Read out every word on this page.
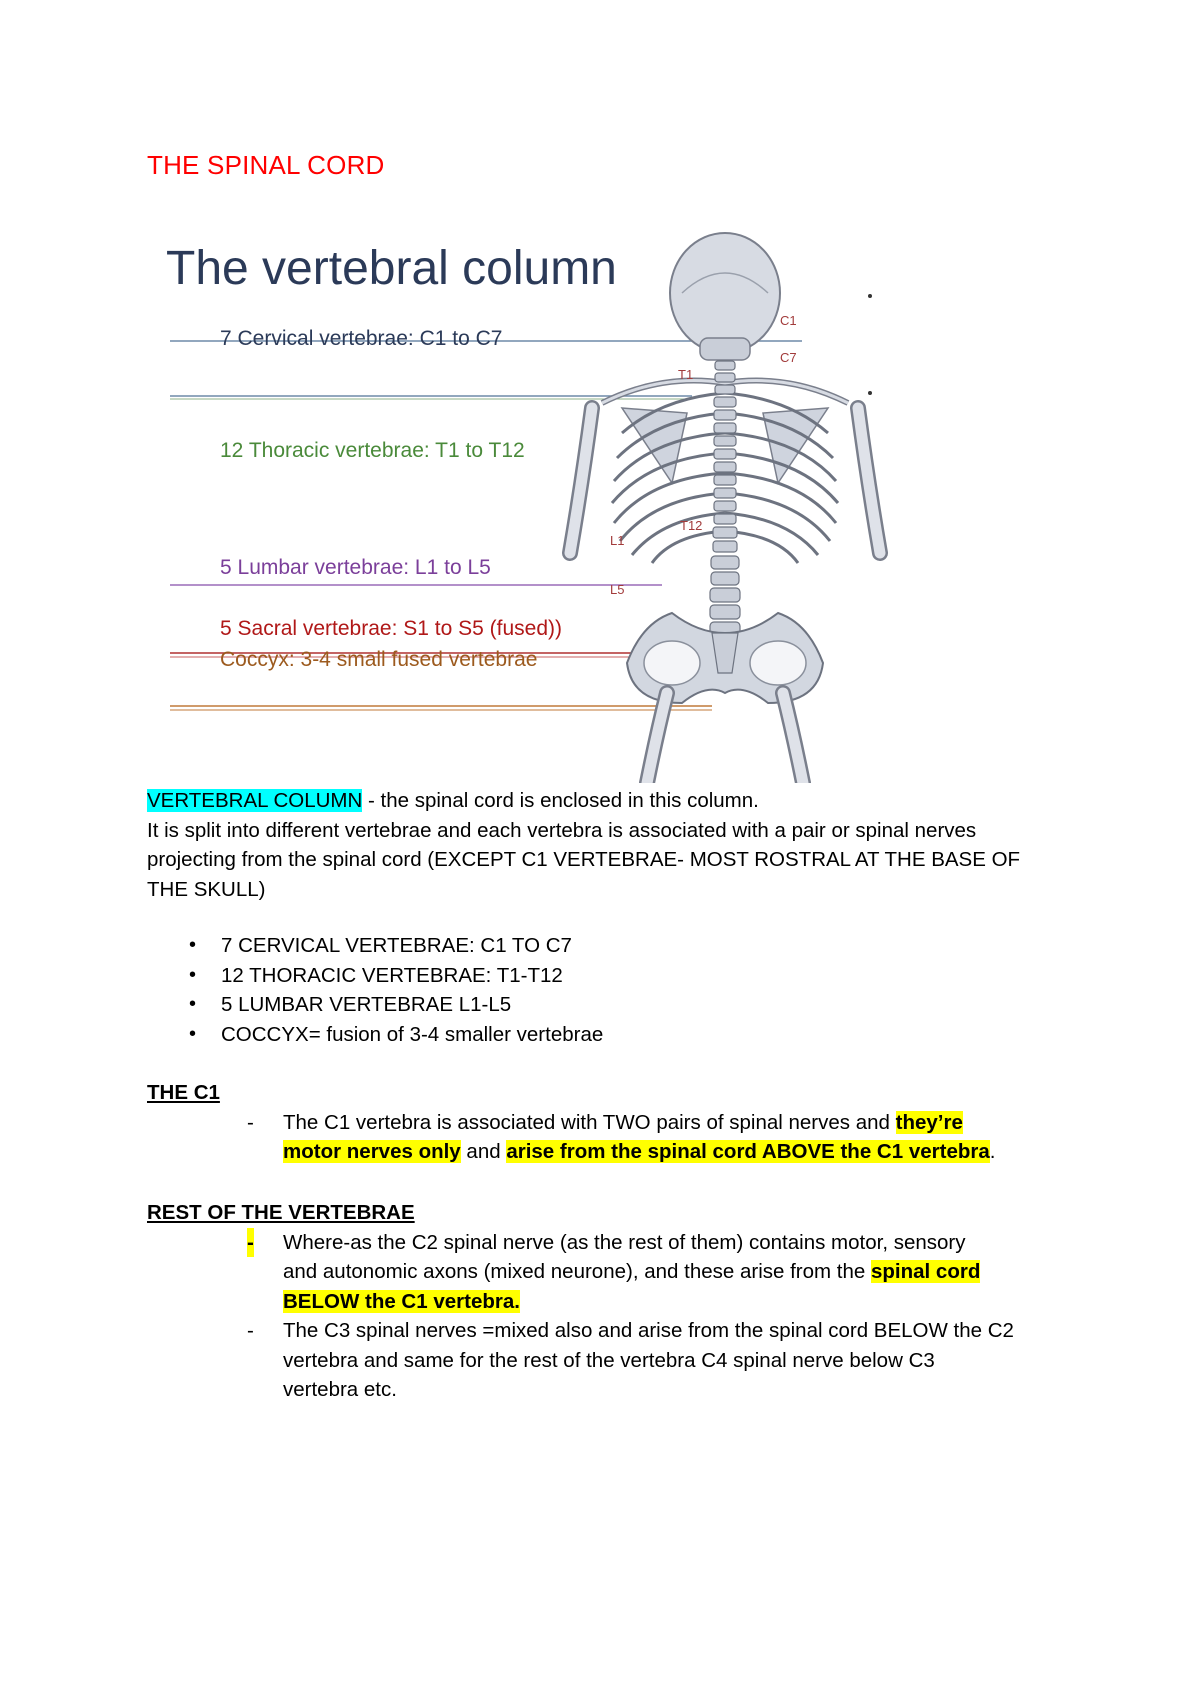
THE SPINAL CORD
The vertebral column
7 Cervical vertebrae: C1 to C7
12 Thoracic vertebrae: T1 to T12
5 Lumbar vertebrae: L1 to L5
5 Sacral vertebrae: S1 to S5 (fused))
Coccyx: 3-4 small fused vertebrae
C1
C7
T1
T12
L1
L5
VERTEBRAL COLUMN - the spinal cord is enclosed in this column.
It is split into different vertebrae and each vertebra is associated with a pair or spinal nerves
projecting from the spinal cord (EXCEPT C1 VERTEBRAE- MOST ROSTRAL AT THE BASE OF
THE SKULL)
• 7 CERVICAL VERTEBRAE: C1 TO C7
• 12 THORACIC VERTEBRAE: T1-T12
• 5 LUMBAR VERTEBRAE L1-L5
• COCCYX= fusion of 3-4 smaller vertebrae
THE C1
- The C1 vertebra is associated with TWO pairs of spinal nerves and they’re
motor nerves only and arise from the spinal cord ABOVE the C1 vertebra.
REST OF THE VERTEBRAE
- Where-as the C2 spinal nerve (as the rest of them) contains motor, sensory
and autonomic axons (mixed neurone), and these arise from the spinal cord
BELOW the C1 vertebra.
- The C3 spinal nerves =mixed also and arise from the spinal cord BELOW the C2
vertebra and same for the rest of the vertebra C4 spinal nerve below C3
vertebra etc.
